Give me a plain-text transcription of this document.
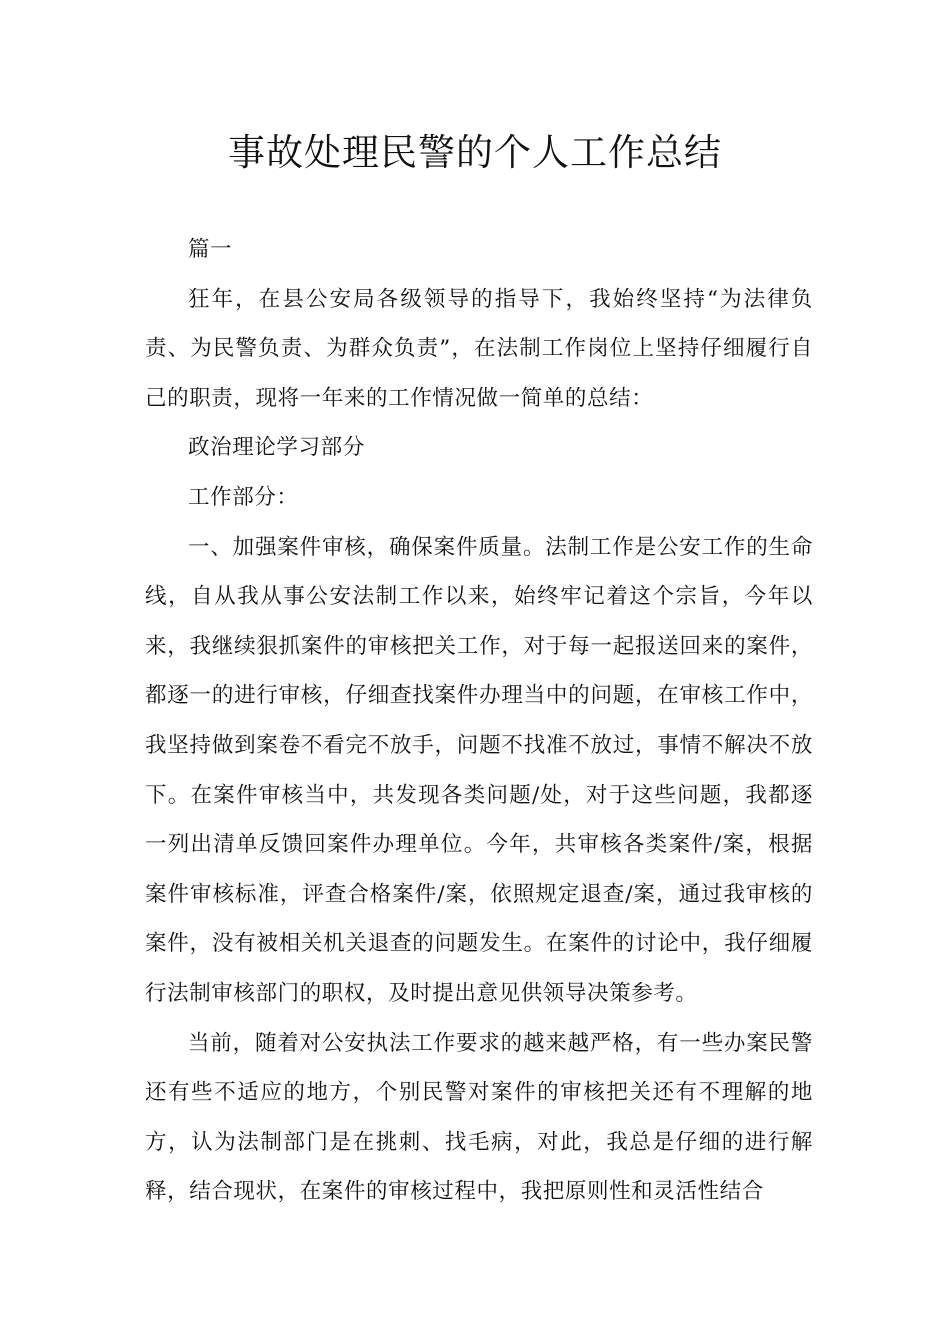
事故处理民警的个人工作总结

篇一

狂年，在县公安局各级领导的指导下，我始终坚持“为法律负责、为民警负责、为群众负责”，在法制工作岗位上坚持仔细履行自己的职责，现将一年来的工作情况做一简单的总结：

政治理论学习部分

工作部分：

一、加强案件审核，确保案件质量。法制工作是公安工作的生命线，自从我从事公安法制工作以来，始终牢记着这个宗旨，今年以来，我继续狠抓案件的审核把关工作，对于每一起报送回来的案件，都逐一的进行审核，仔细查找案件办理当中的问题，在审核工作中，我坚持做到案卷不看完不放手，问题不找准不放过，事情不解决不放下。在案件审核当中，共发现各类问题/处，对于这些问题，我都逐一列出清单反馈回案件办理单位。今年，共审核各类案件/案，根据案件审核标准，评查合格案件/案，依照规定退查/案，通过我审核的案件，没有被相关机关退查的问题发生。在案件的讨论中，我仔细履行法制审核部门的职权，及时提出意见供领导决策参考。

当前，随着对公安执法工作要求的越来越严格，有一些办案民警还有些不适应的地方，个别民警对案件的审核把关还有不理解的地方，认为法制部门是在挑刺、找毛病，对此，我总是仔细的进行解释，结合现状，在案件的审核过程中，我把原则性和灵活性结合
